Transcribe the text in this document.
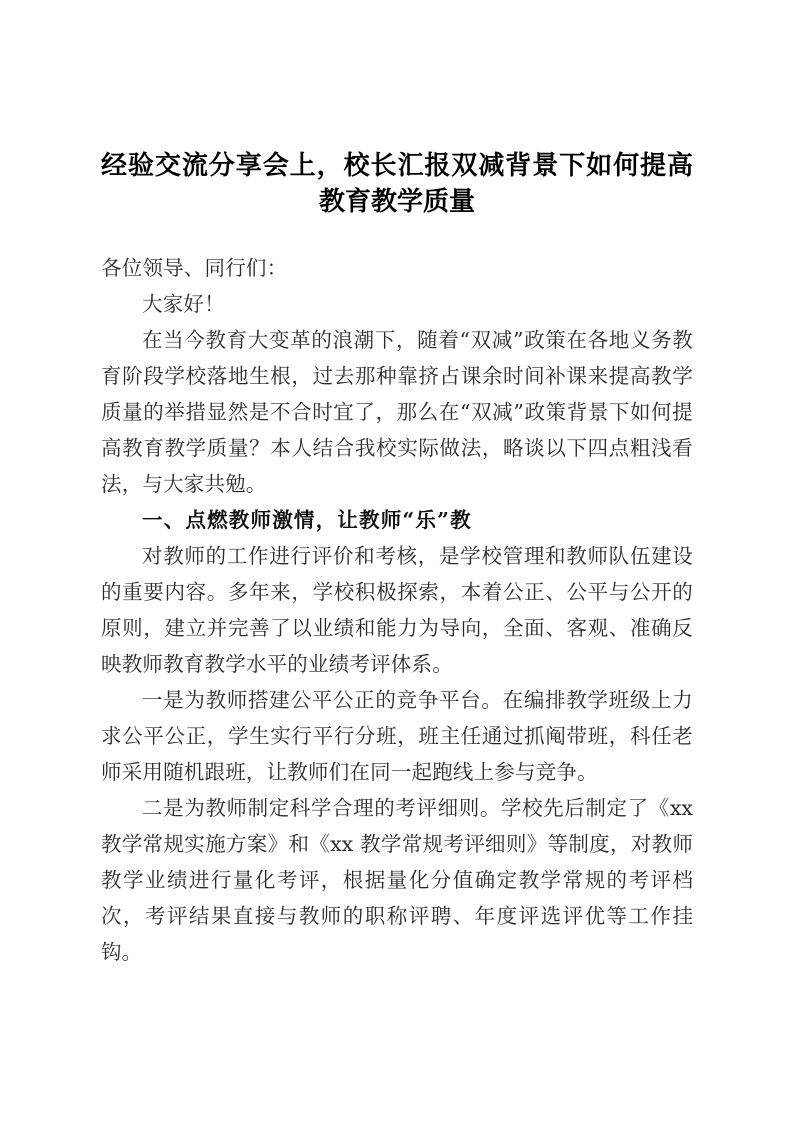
经验交流分享会上，校长汇报双减背景下如何提高
教育教学质量

各位领导、同行们：

大家好！

在当今教育大变革的浪潮下，随着“双减”政策在各地义务教育阶段学校落地生根，过去那种靠挤占课余时间补课来提高教学质量的举措显然是不合时宜了，那么在“双减”政策背景下如何提高教育教学质量？本人结合我校实际做法，略谈以下四点粗浅看法，与大家共勉。

一、点燃教师激情，让教师“乐”教

对教师的工作进行评价和考核，是学校管理和教师队伍建设的重要内容。多年来，学校积极探索，本着公正、公平与公开的原则，建立并完善了以业绩和能力为导向，全面、客观、准确反映教师教育教学水平的业绩考评体系。

一是为教师搭建公平公正的竞争平台。在编排教学班级上力求公平公正，学生实行平行分班，班主任通过抓阄带班，科任老师采用随机跟班，让教师们在同一起跑线上参与竞争。

二是为教师制定科学合理的考评细则。学校先后制定了《xx教学常规实施方案》和《xx 教学常规考评细则》等制度，对教师教学业绩进行量化考评，根据量化分值确定教学常规的考评档次，考评结果直接与教师的职称评聘、年度评选评优等工作挂钩。
